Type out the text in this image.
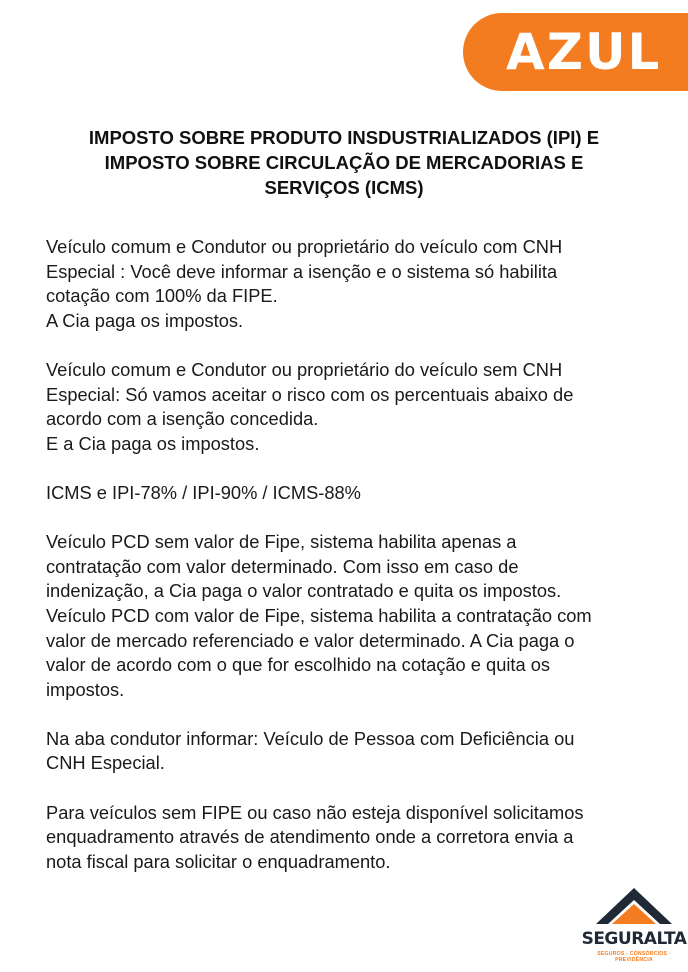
AZUL
IMPOSTO SOBRE PRODUTO INSDUSTRIALIZADOS (IPI) E
IMPOSTO SOBRE CIRCULAÇÃO DE MERCADORIAS E
SERVIÇOS (ICMS)

Veículo comum e Condutor ou proprietário do veículo com CNH
Especial : Você deve informar a isenção e o sistema só habilita
cotação com 100% da FIPE.
A Cia paga os impostos.

Veículo comum e Condutor ou proprietário do veículo sem CNH
Especial: Só vamos aceitar o risco com os percentuais abaixo de
acordo com a isenção concedida.
E a Cia paga os impostos.

ICMS e IPI-78% / IPI-90% / ICMS-88%

Veículo PCD sem valor de Fipe, sistema habilita apenas a
contratação com valor determinado. Com isso em caso de
indenização, a Cia paga o valor contratado e quita os impostos.
Veículo PCD com valor de Fipe, sistema habilita a contratação com
valor de mercado referenciado e valor determinado. A Cia paga o
valor de acordo com o que for escolhido na cotação e quita os
impostos.

Na aba condutor informar: Veículo de Pessoa com Deficiência ou
CNH Especial.

Para veículos sem FIPE ou caso não esteja disponível solicitamos
enquadramento através de atendimento onde a corretora envia a
nota fiscal para solicitar o enquadramento.

SEGURALTA
SEGUROS · CONSÓRCIOS · PREVIDÊNCIA
